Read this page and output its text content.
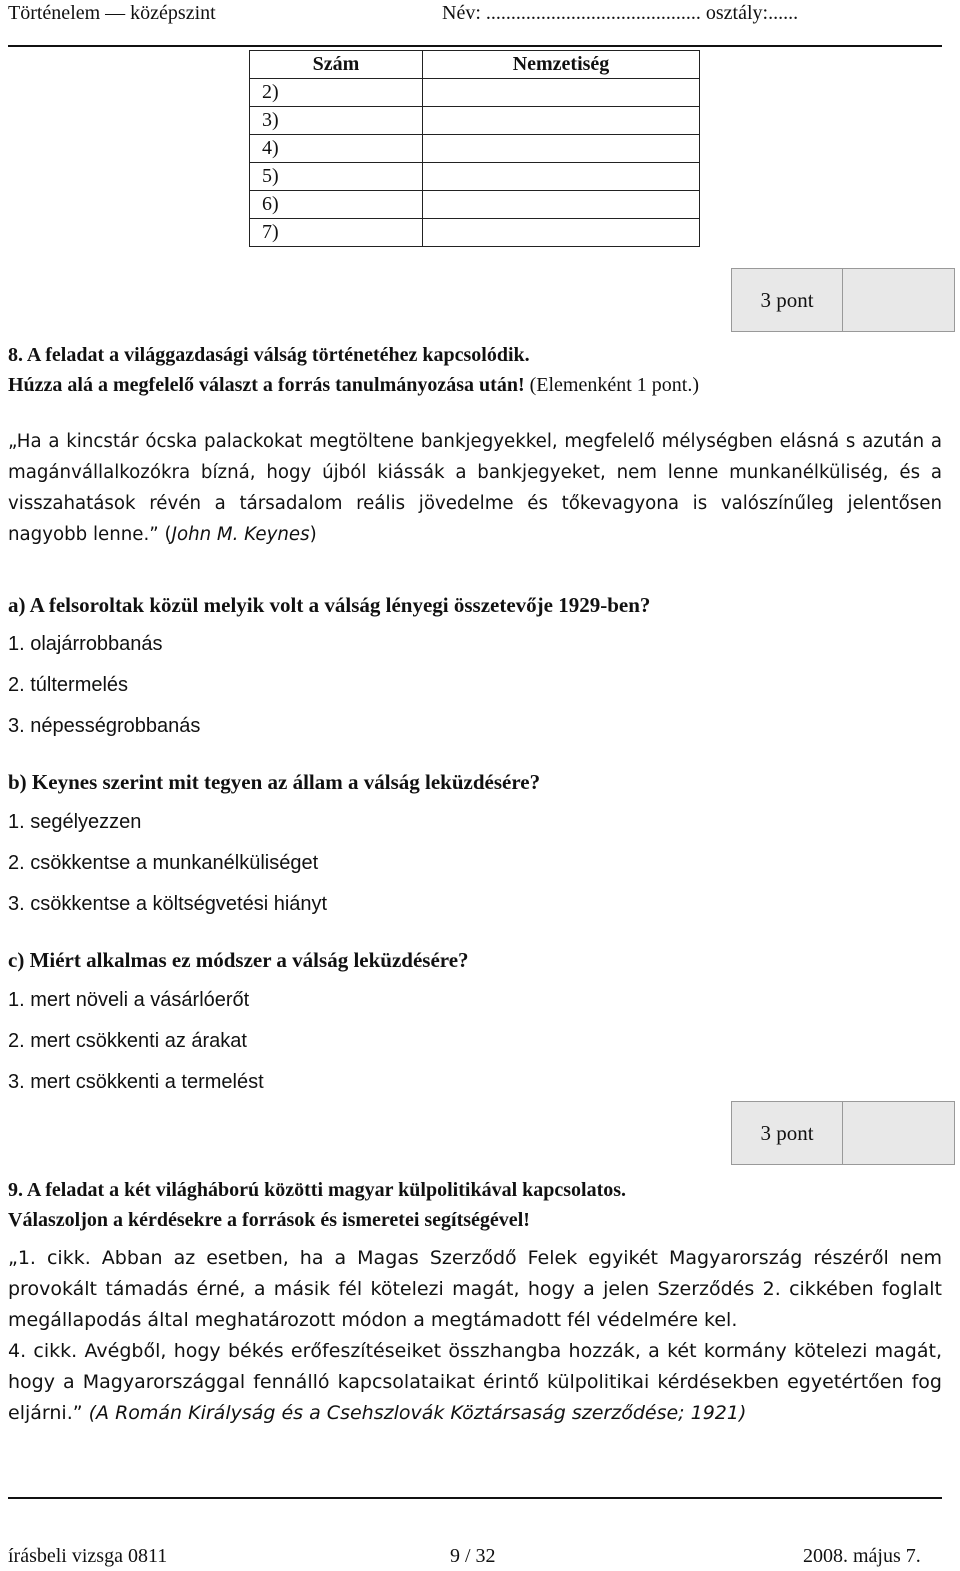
Történelem — középszint	Név: ........................................... osztály:......
Szám	Nemzetiség
2)	
3)	
4)	
5)	
6)	
7)	
3 pont
8. A feladat a világgazdasági válság történetéhez kapcsolódik.
Húzza alá a megfelelő választ a forrás tanulmányozása után! (Elemenként 1 pont.)
„Ha a kincstár ócska palackokat megtöltene bankjegyekkel, megfelelő mélységben elásná s azután a magánvállalkozókra bízná, hogy újból kiássák a bankjegyeket, nem lenne munkanélküliség, és a visszahatások révén a társadalom reális jövedelme és tőkevagyona is valószínűleg jelentősen nagyobb lenne.” (John M. Keynes)
a) A felsoroltak közül melyik volt a válság lényegi összetevője 1929-ben?
1. olajárrobbanás
2. túltermelés
3. népességrobbanás
b) Keynes szerint mit tegyen az állam a válság leküzdésére?
1. segélyezzen
2. csökkentse a munkanélküliséget
3. csökkentse a költségvetési hiányt
c) Miért alkalmas ez módszer a válság leküzdésére?
1. mert növeli a vásárlóerőt
2. mert csökkenti az árakat
3. mert csökkenti a termelést
3 pont
9. A feladat a két világháború közötti magyar külpolitikával kapcsolatos.
Válaszoljon a kérdésekre a források és ismeretei segítségével!
„1. cikk. Abban az esetben, ha a Magas Szerződő Felek egyikét Magyarország részéről nem provokált támadás érné, a másik fél kötelezi magát, hogy a jelen Szerződés 2. cikkében foglalt megállapodás által meghatározott módon a megtámadott fél védelmére kel.
4. cikk. Avégből, hogy békés erőfeszítéseiket összhangba hozzák, a két kormány kötelezi magát, hogy a Magyarországgal fennálló kapcsolataikat érintő külpolitikai kérdésekben egyetértően fog eljárni.” (A Román Királyság és a Csehszlovák Köztársaság szerződése; 1921)
írásbeli vizsga 0811	9 / 32	2008. május 7.
